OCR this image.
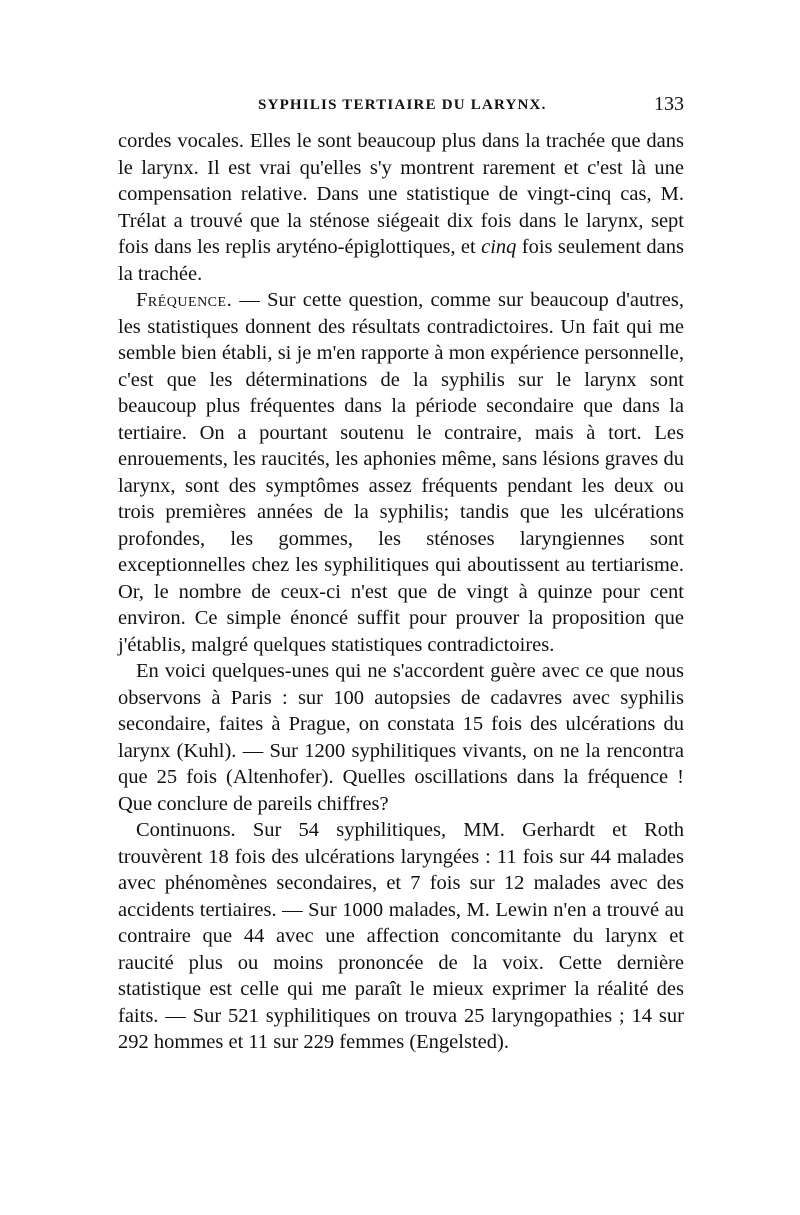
SYPHILIS TERTIAIRE DU LARYNX.	133

cordes vocales. Elles le sont beaucoup plus dans la trachée que dans le larynx. Il est vrai qu'elles s'y montrent rarement et c'est là une compensation relative. Dans une statistique de vingt-cinq cas, M. Trélat a trouvé que la sténose siégeait dix fois dans le larynx, sept fois dans les replis aryténo-épiglottiques, et cinq fois seulement dans la trachée.

Fréquence. — Sur cette question, comme sur beaucoup d'autres, les statistiques donnent des résultats contradictoires. Un fait qui me semble bien établi, si je m'en rapporte à mon expérience personnelle, c'est que les déterminations de la syphilis sur le larynx sont beaucoup plus fréquentes dans la période secondaire que dans la tertiaire. On a pourtant soutenu le contraire, mais à tort. Les enrouements, les raucités, les aphonies même, sans lésions graves du larynx, sont des symptômes assez fréquents pendant les deux ou trois premières années de la syphilis; tandis que les ulcérations profondes, les gommes, les sténoses laryngiennes sont exceptionnelles chez les syphilitiques qui aboutissent au tertiarisme. Or, le nombre de ceux-ci n'est que de vingt à quinze pour cent environ. Ce simple énoncé suffit pour prouver la proposition que j'établis, malgré quelques statistiques contradictoires.

En voici quelques-unes qui ne s'accordent guère avec ce que nous observons à Paris : sur 100 autopsies de cadavres avec syphilis secondaire, faites à Prague, on constata 15 fois des ulcérations du larynx (Kuhl). — Sur 1200 syphilitiques vivants, on ne la rencontra que 25 fois (Altenhofer). Quelles oscillations dans la fréquence ! Que conclure de pareils chiffres?

Continuons. Sur 54 syphilitiques, MM. Gerhardt et Roth trouvèrent 18 fois des ulcérations laryngées : 11 fois sur 44 malades avec phénomènes secondaires, et 7 fois sur 12 malades avec des accidents tertiaires. — Sur 1000 malades, M. Lewin n'en a trouvé au contraire que 44 avec une affection concomitante du larynx et raucité plus ou moins prononcée de la voix. Cette dernière statistique est celle qui me paraît le mieux exprimer la réalité des faits. — Sur 521 syphilitiques on trouva 25 laryngopathies ; 14 sur 292 hommes et 11 sur 229 femmes (Engelsted).
